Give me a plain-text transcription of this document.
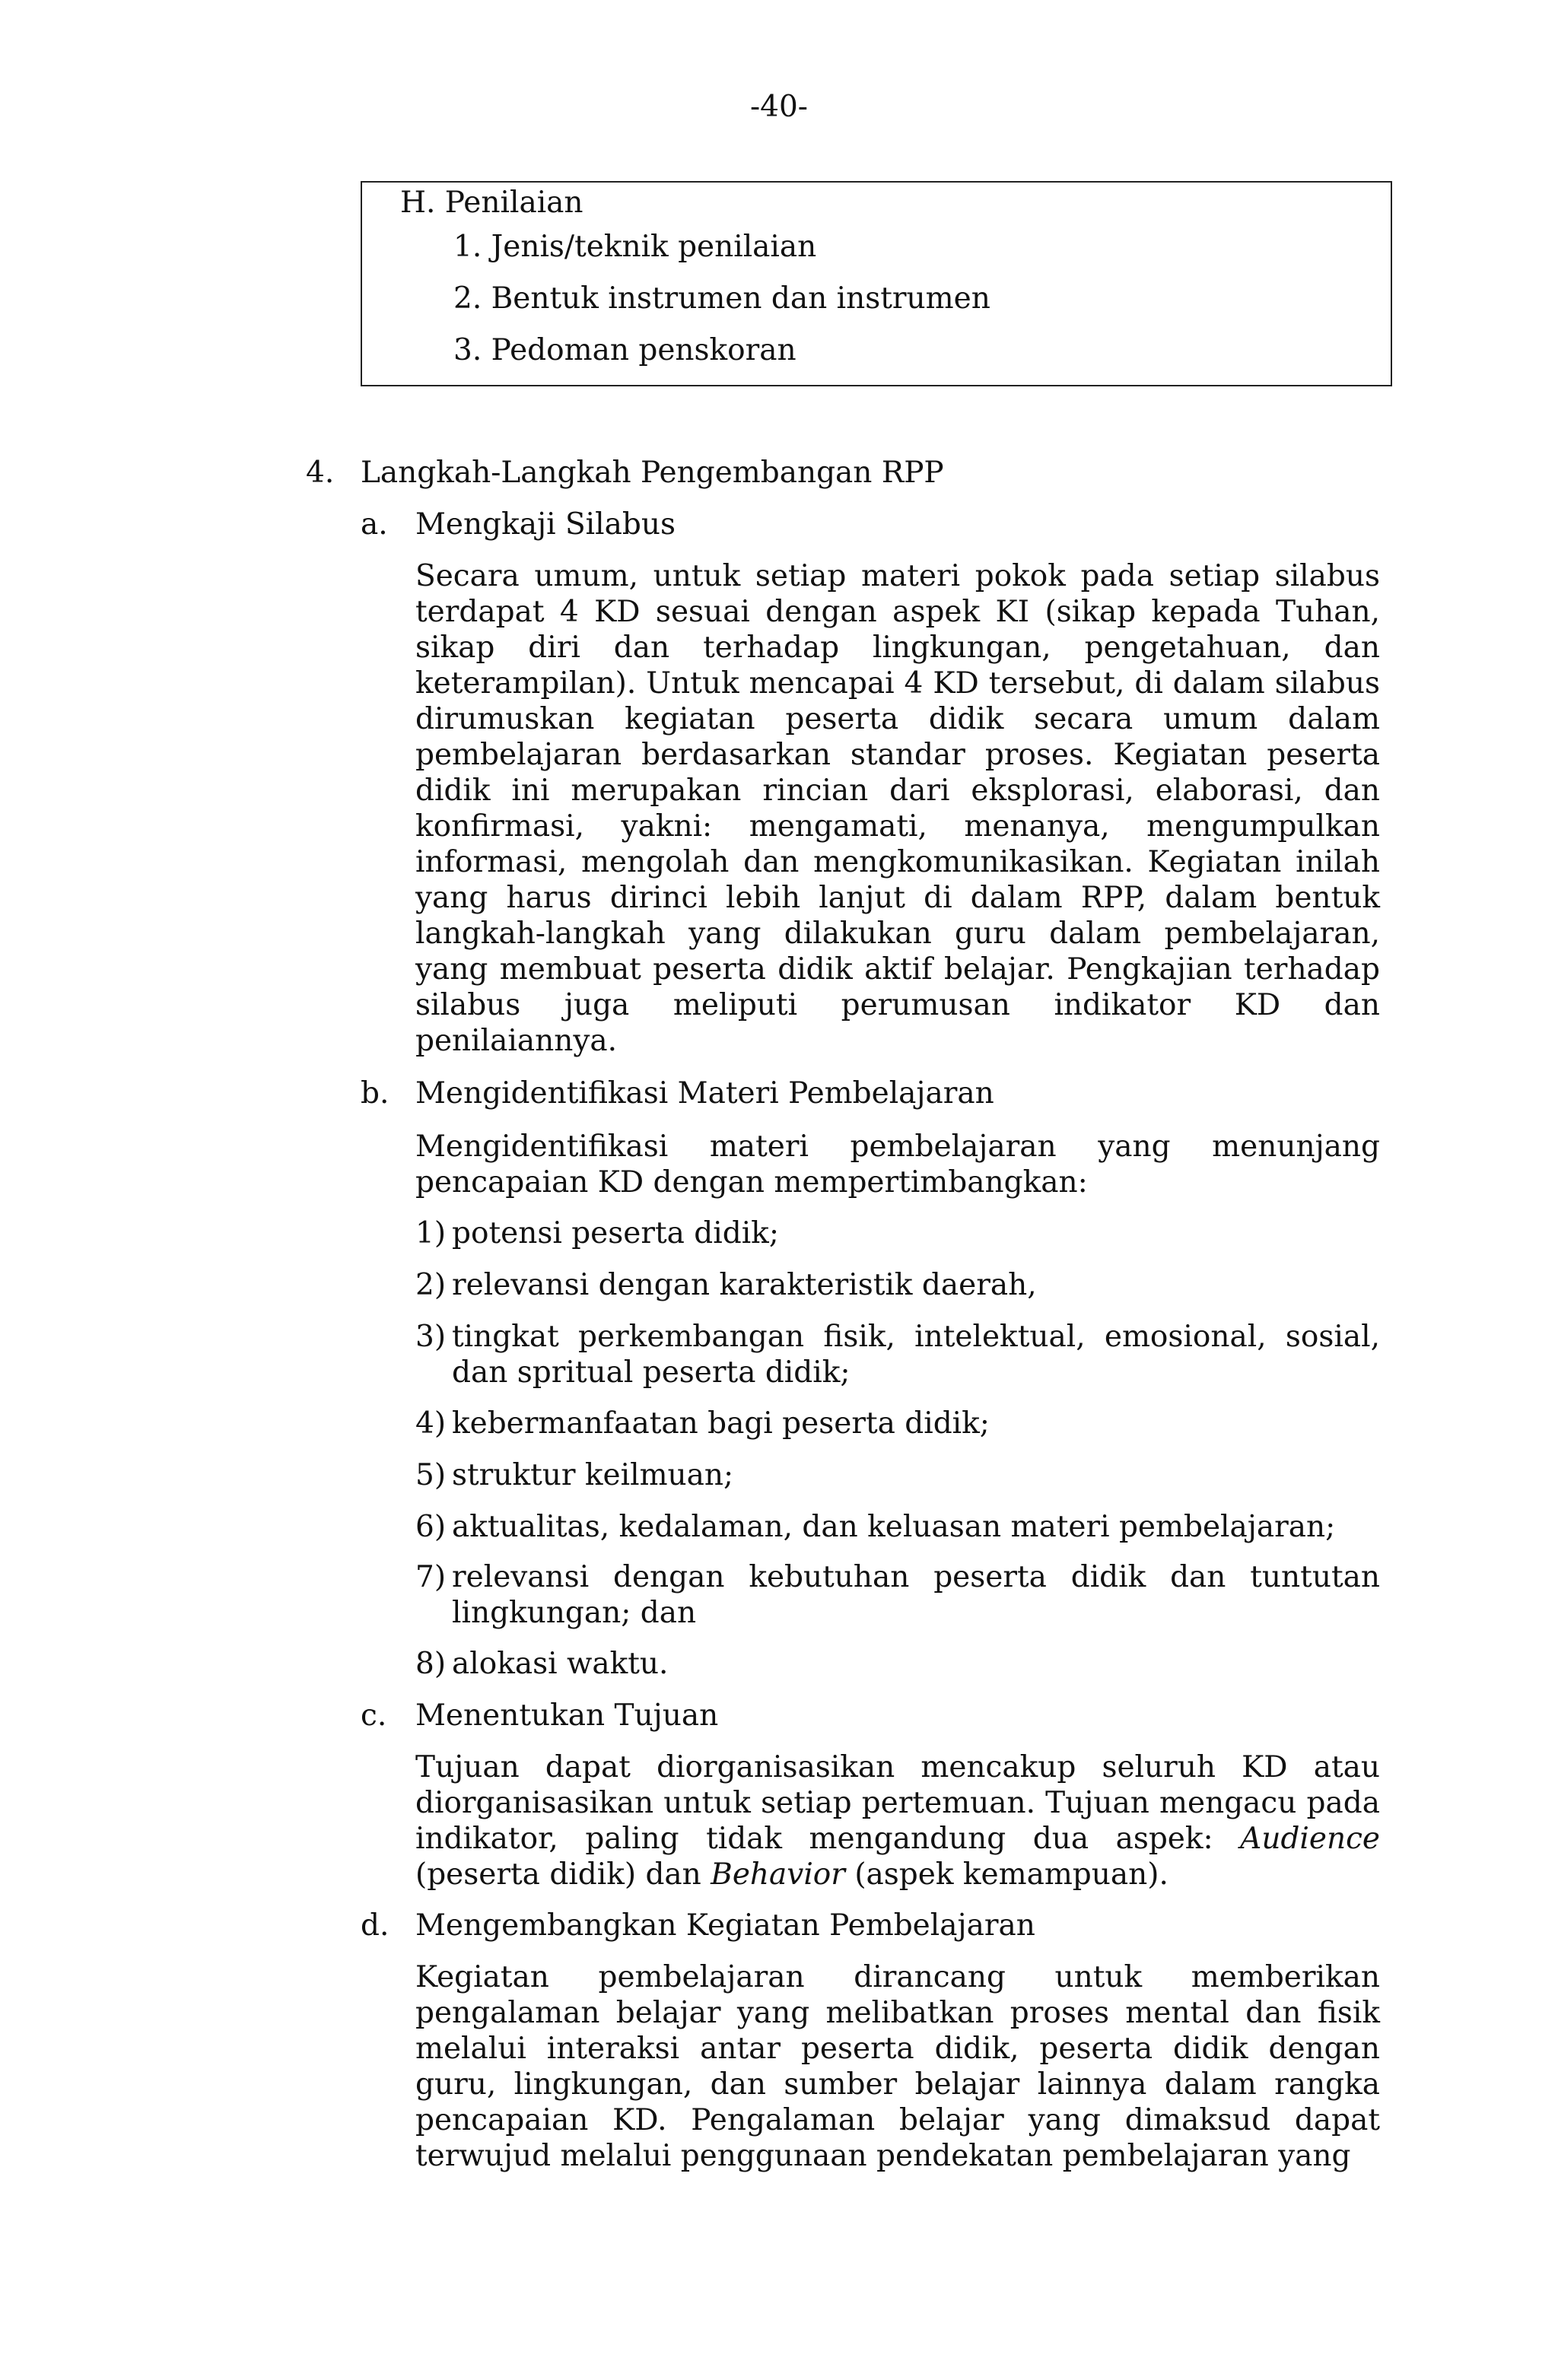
-40-
H. Penilaian
1. Jenis/teknik penilaian
2. Bentuk instrumen dan instrumen
3. Pedoman penskoran
4. Langkah-Langkah Pengembangan RPP
a. Mengkaji Silabus
Secara umum, untuk setiap materi pokok pada setiap silabus terdapat 4 KD sesuai dengan aspek KI (sikap kepada Tuhan, sikap diri dan terhadap lingkungan, pengetahuan, dan keterampilan). Untuk mencapai 4 KD tersebut, di dalam silabus dirumuskan kegiatan peserta didik secara umum dalam pembelajaran berdasarkan standar proses. Kegiatan peserta didik ini merupakan rincian dari eksplorasi, elaborasi, dan konfirmasi, yakni: mengamati, menanya, mengumpulkan informasi, mengolah dan mengkomunikasikan. Kegiatan inilah yang harus dirinci lebih lanjut di dalam RPP, dalam bentuk langkah-langkah yang dilakukan guru dalam pembelajaran, yang membuat peserta didik aktif belajar. Pengkajian terhadap silabus juga meliputi perumusan indikator KD dan penilaiannya.
b. Mengidentifikasi Materi Pembelajaran
Mengidentifikasi materi pembelajaran yang menunjang pencapaian KD dengan mempertimbangkan:
1) potensi peserta didik;
2) relevansi dengan karakteristik daerah,
3) tingkat perkembangan fisik, intelektual, emosional, sosial, dan spritual peserta didik;
4) kebermanfaatan bagi peserta didik;
5) struktur keilmuan;
6) aktualitas, kedalaman, dan keluasan materi pembelajaran;
7) relevansi dengan kebutuhan peserta didik dan tuntutan lingkungan; dan
8) alokasi waktu.
c. Menentukan Tujuan
Tujuan dapat diorganisasikan mencakup seluruh KD atau diorganisasikan untuk setiap pertemuan. Tujuan mengacu pada indikator, paling tidak mengandung dua aspek: Audience (peserta didik) dan Behavior (aspek kemampuan).
d. Mengembangkan Kegiatan Pembelajaran
Kegiatan pembelajaran dirancang untuk memberikan pengalaman belajar yang melibatkan proses mental dan fisik melalui interaksi antar peserta didik, peserta didik dengan guru, lingkungan, dan sumber belajar lainnya dalam rangka pencapaian KD. Pengalaman belajar yang dimaksud dapat terwujud melalui penggunaan pendekatan pembelajaran yang
